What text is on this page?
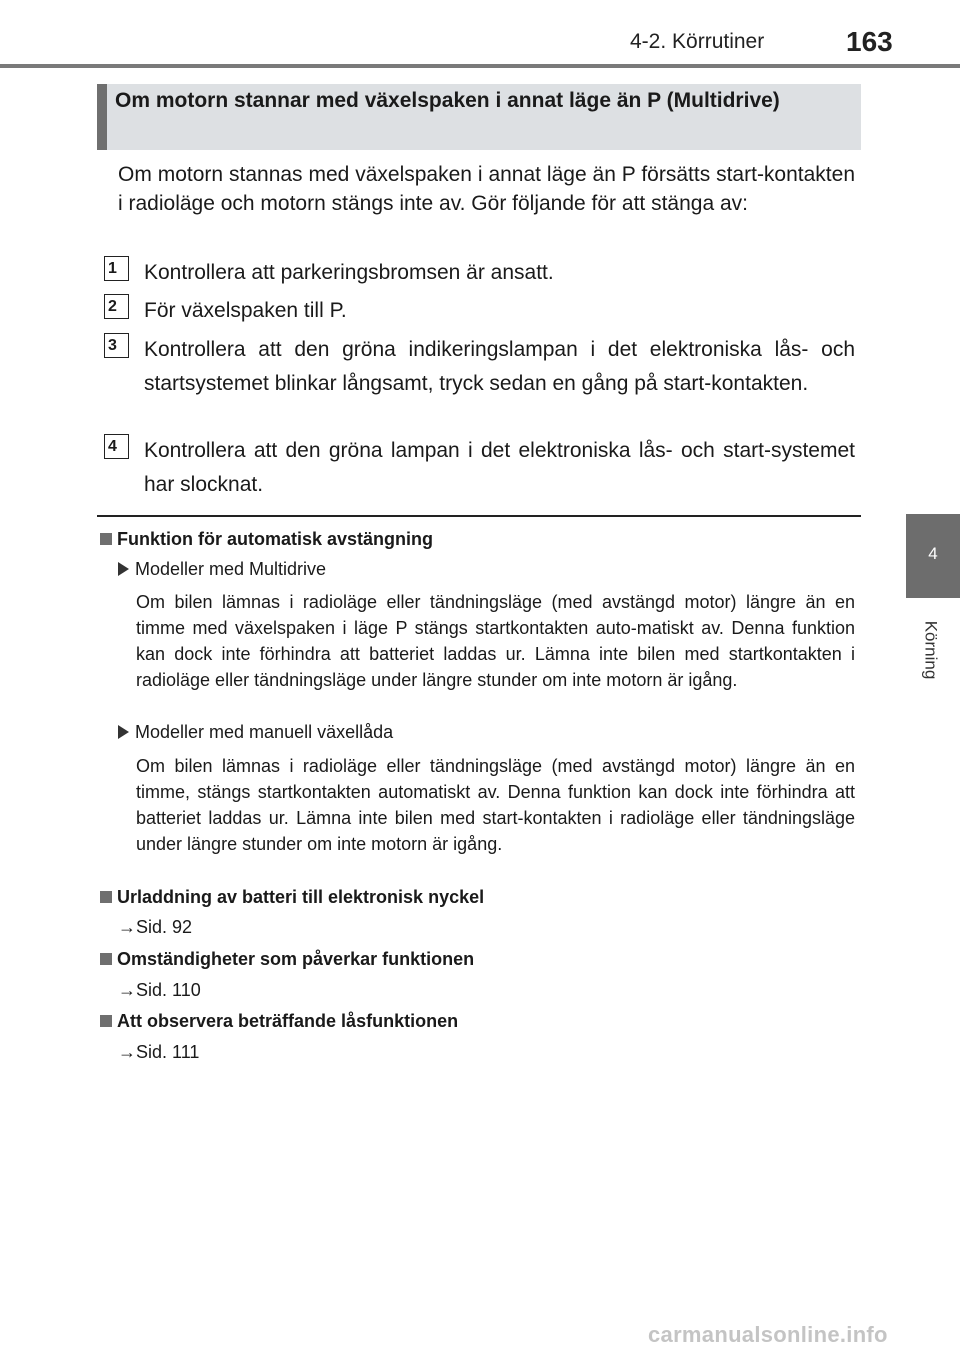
4-2. Körrutiner	163
4
Körning
Om motorn stannar med växelspaken i annat läge än P (Multidrive)

Om motorn stannas med växelspaken i annat läge än P försätts start-kontakten i radioläge och motorn stängs inte av. Gör följande för att stänga av:

1	Kontrollera att parkeringsbromsen är ansatt.
2	För växelspaken till P.
3	Kontrollera att den gröna indikeringslampan i det elektroniska lås- och startsystemet blinkar långsamt, tryck sedan en gång på start-kontakten.
4	Kontrollera att den gröna lampan i det elektroniska lås- och start-systemet har slocknat.
Funktion för automatisk avstängning
Modeller med Multidrive

Om bilen lämnas i radioläge eller tändningsläge (med avstängd motor) längre än en timme med växelspaken i läge P stängs startkontakten auto-matiskt av. Denna funktion kan dock inte förhindra att batteriet laddas ur. Lämna inte bilen med startkontakten i radioläge eller tändningsläge under längre stunder om inte motorn är igång.

Modeller med manuell växellåda

Om bilen lämnas i radioläge eller tändningsläge (med avstängd motor) längre än en timme, stängs startkontakten automatiskt av. Denna funktion kan dock inte förhindra att batteriet laddas ur. Lämna inte bilen med start-kontakten i radioläge eller tändningsläge under längre stunder om inte motorn är igång.

Urladdning av batteri till elektronisk nyckel
→Sid. 92
Omständigheter som påverkar funktionen
→Sid. 110
Att observera beträffande låsfunktionen
→Sid. 111
carmanualsonline.info
